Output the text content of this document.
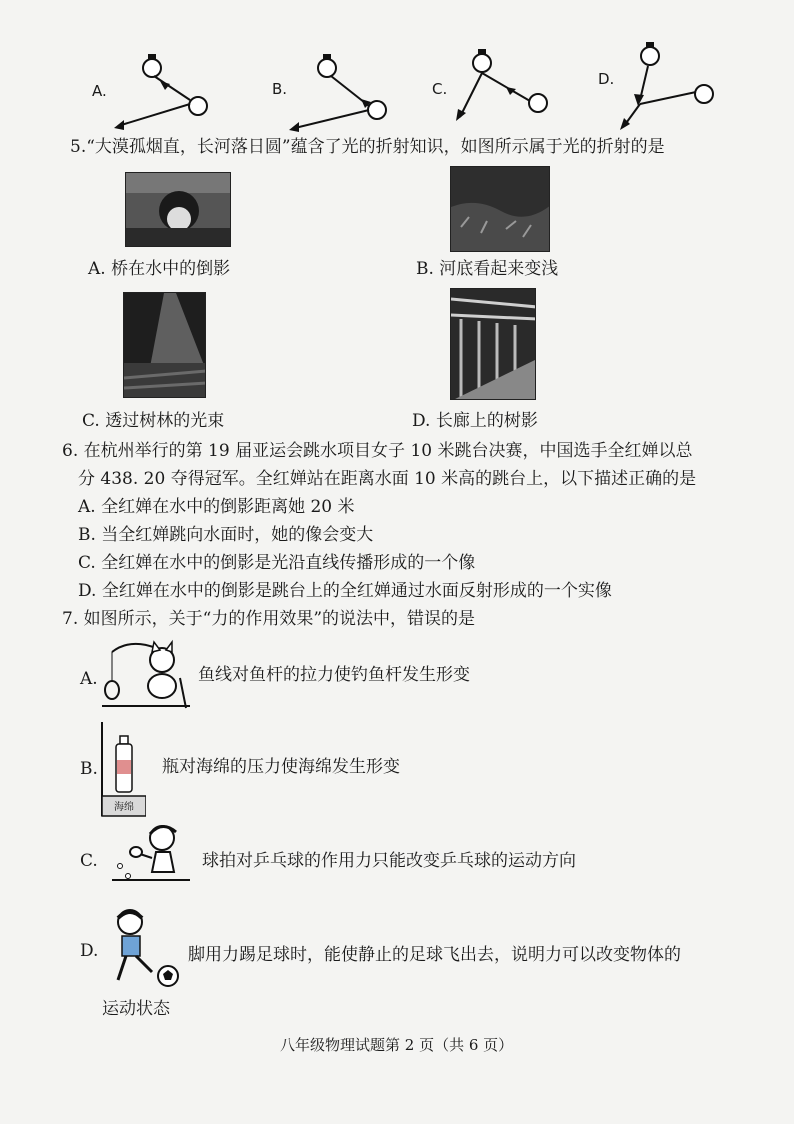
A.	B.	C.
D.
5.“大漠孤烟直，长河落日圆”蕴含了光的折射知识，如图所示属于光的折射的是
A. 桥在水中的倒影	B. 河底看起来变浅
C. 透过树林的光束	D. 长廊上的树影
6. 在杭州举行的第 19 届亚运会跳水项目女子 10 米跳台决赛，中国选手全红婵以总
分 438. 20 夺得冠军。全红婵站在距离水面 10 米高的跳台上，以下描述正确的是
A. 全红婵在水中的倒影距离她 20 米
B. 当全红婵跳向水面时，她的像会变大
C. 全红婵在水中的倒影是光沿直线传播形成的一个像
D. 全红婵在水中的倒影是跳台上的全红婵通过水面反射形成的一个实像
7. 如图所示，关于“力的作用效果”的说法中，错误的是
A.	鱼线对鱼杆的拉力使钓鱼杆发生形变
B.
海绵
瓶对海绵的压力使海绵发生形变
C.	球拍对乒乓球的作用力只能改变乒乓球的运动方向
D.	脚用力踢足球时，能使静止的足球飞出去，说明力可以改变物体的
运动状态
八年级物理试题第 2 页（共 6 页）
